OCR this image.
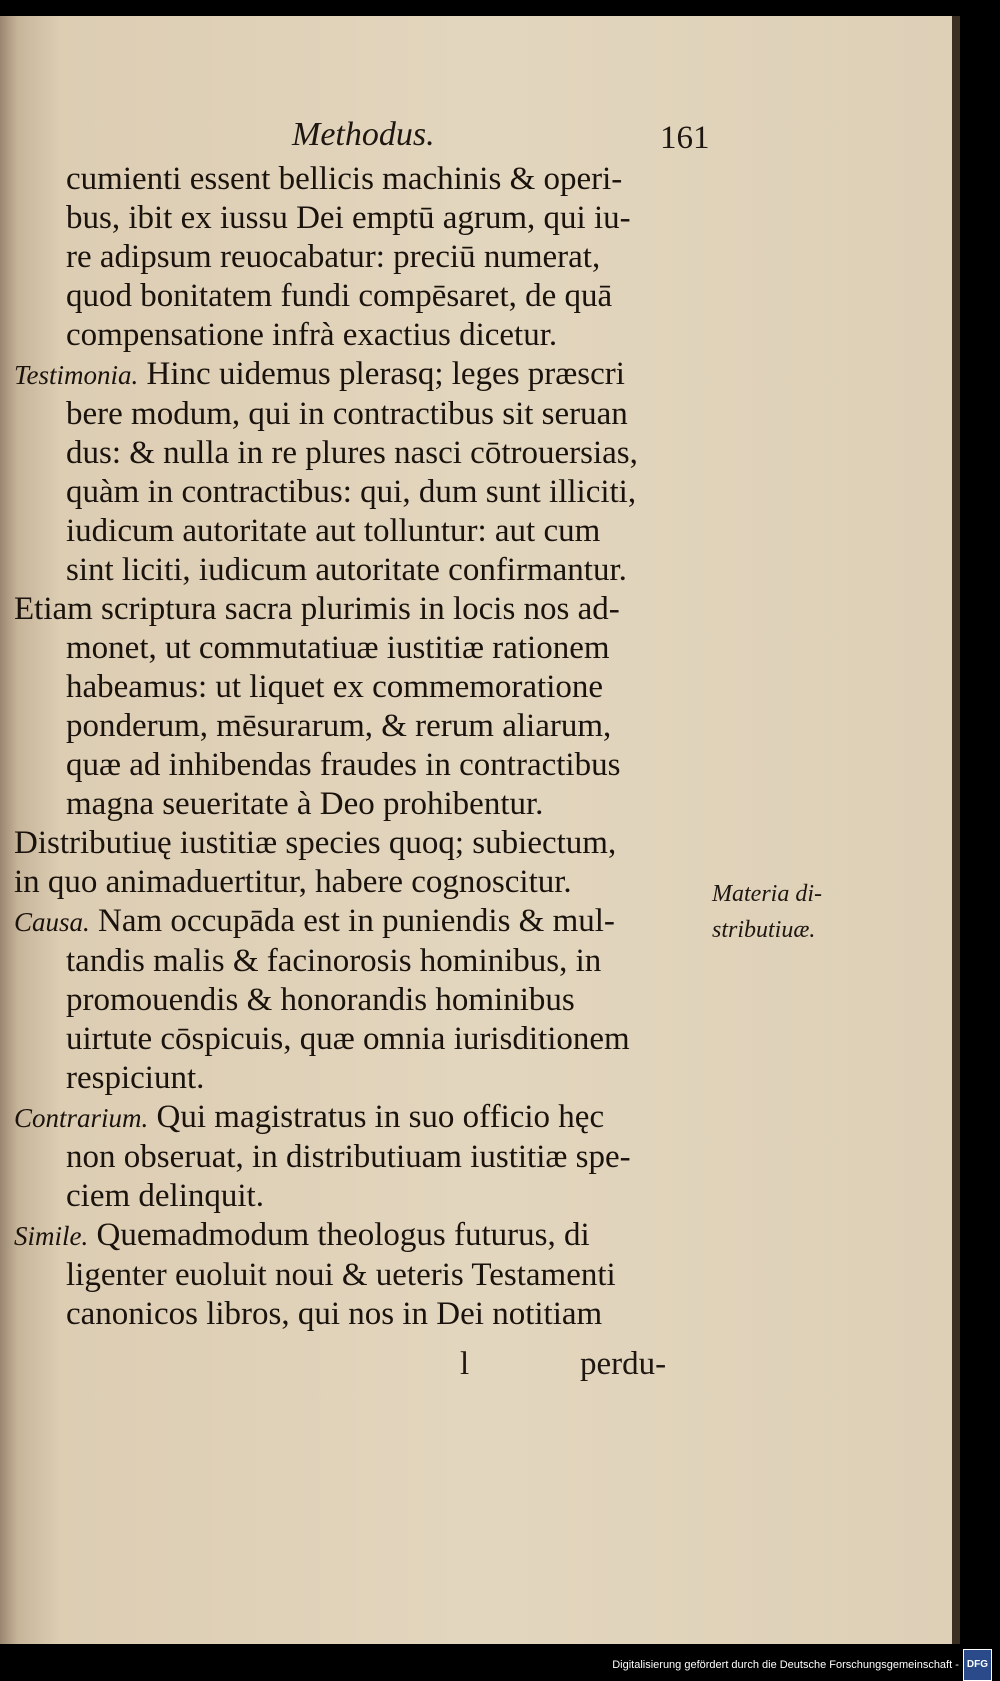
Methodus.	161

cumienti essent bellicis machinis & operi-
bus, ibit ex iussu Dei emptū agrum, qui iu-
re adipsum reuocabatur: preciū numerat,
quod bonitatem fundi compēsaret, de quā
compensatione infrà exactius dicetur.

Testimonia. Hinc uidemus plerasq; leges præscri
bere modum, qui in contractibus sit seruan
dus: & nulla in re plures nasci cōtrouersias,
quàm in contractibus: qui, dum sunt illiciti,
iudicum autoritate aut tolluntur: aut cum
sint liciti, iudicum autoritate confirmantur.

Etiam scriptura sacra plurimis in locis nos ad-
monet, ut commutatiuæ iustitiæ rationem
habeamus: ut liquet ex commemoratione
ponderum, mēsurarum, & rerum aliarum,
quæ ad inhibendas fraudes in contractibus
magna seueritate à Deo prohibentur.

Distributiuę iustitiæ species quoq; subiectum,
in quo animaduertitur, habere cognoscitur.

Causa. Nam occupāda est in puniendis & mul-
tandis malis & facinorosis hominibus, in
promouendis & honorandis hominibus
uirtute cōspicuis, quæ omnia iurisditionem
respiciunt.

Contrarium. Qui magistratus in suo officio hęc
non obseruat, in distributiuam iustitiæ spe-
ciem delinquit.

Simile. Quemadmodum theologus futurus, di
ligenter euoluit noui & ueteris Testamenti
canonicos libros, qui nos in Dei notitiam

Materia di-
stributiuæ.
l	perdu-
Digitalisierung gefördert durch die Deutsche Forschungsgemeinschaft - DFG
